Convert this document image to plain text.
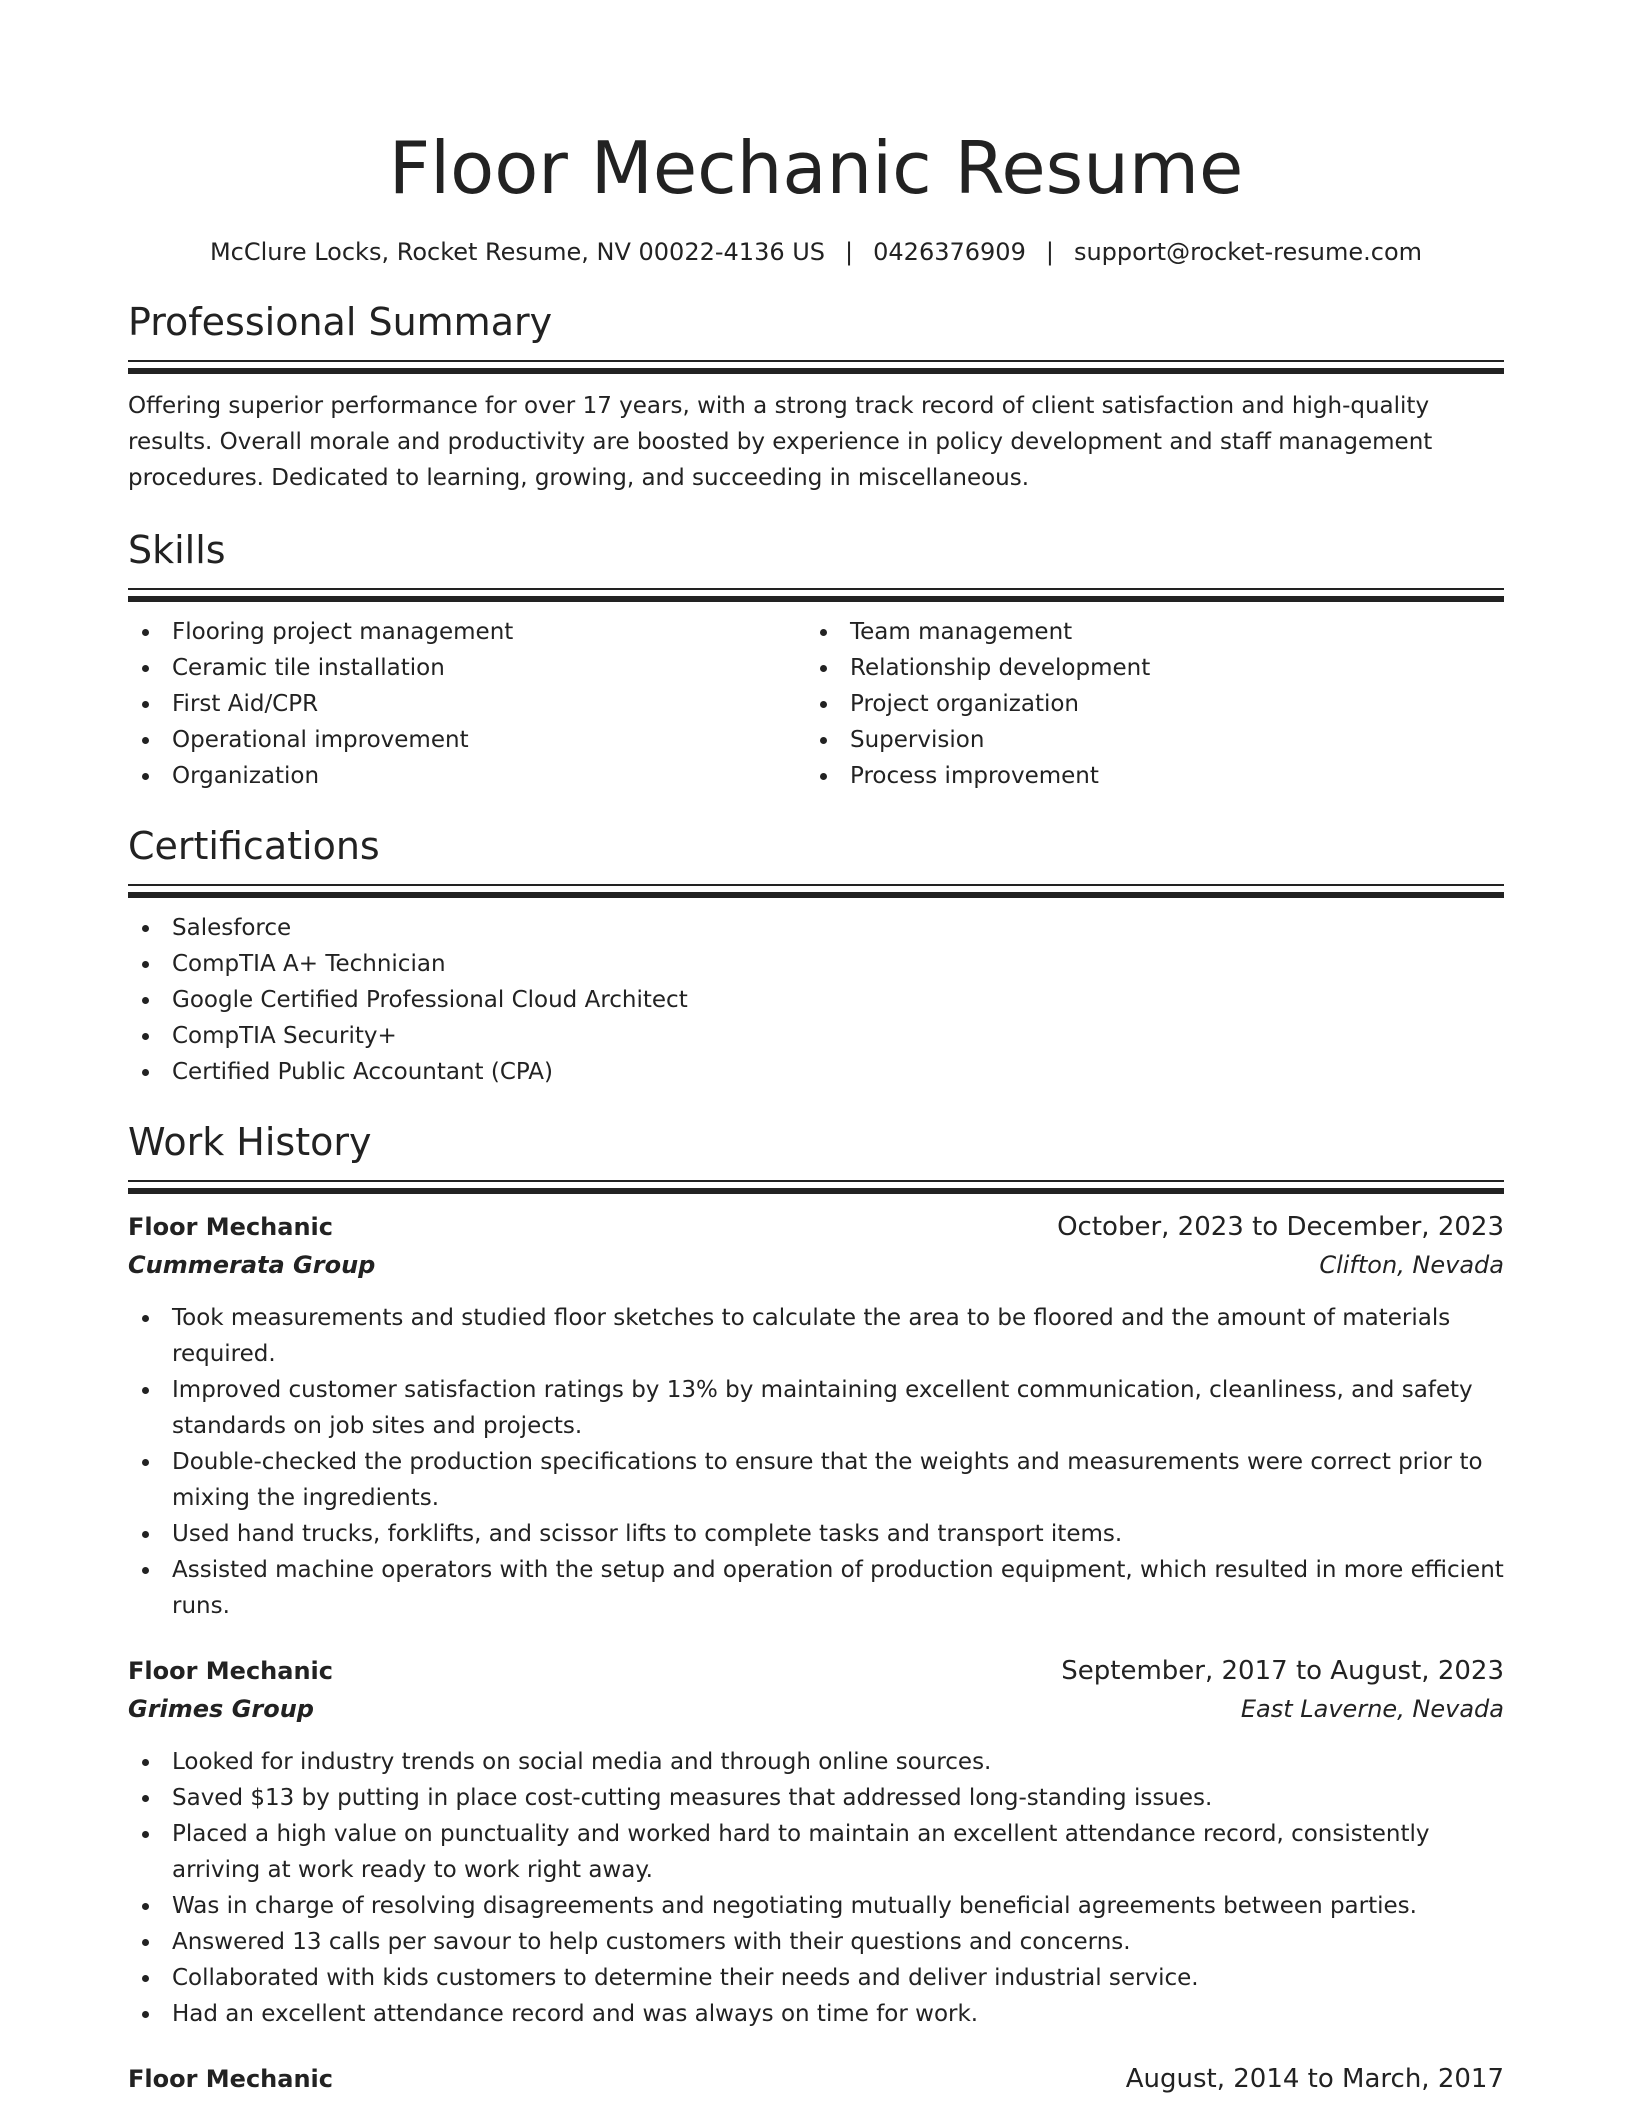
Floor Mechanic Resume
McClure Locks, Rocket Resume, NV 00022-4136 US | 0426376909 | support@rocket-resume.com
Professional Summary

Offering superior performance for over 17 years, with a strong track record of client satisfaction and high-quality results. Overall morale and productivity are boosted by experience in policy development and staff management procedures. Dedicated to learning, growing, and succeeding in miscellaneous.

Skills
Flooring project management
Ceramic tile installation
First Aid/CPR
Operational improvement
Organization
Team management
Relationship development
Project organization
Supervision
Process improvement
Certifications
Salesforce
CompTIA A+ Technician
Google Certified Professional Cloud Architect
CompTIA Security+
Certified Public Accountant (CPA)
Work History
Floor Mechanic	October, 2023 to December, 2023
Cummerata Group	Clifton, Nevada
Took measurements and studied floor sketches to calculate the area to be floored and the amount of materials required.
Improved customer satisfaction ratings by 13% by maintaining excellent communication, cleanliness, and safety standards on job sites and projects.
Double-checked the production specifications to ensure that the weights and measurements were correct prior to mixing the ingredients.
Used hand trucks, forklifts, and scissor lifts to complete tasks and transport items.
Assisted machine operators with the setup and operation of production equipment, which resulted in more efficient runs.
Floor Mechanic	September, 2017 to August, 2023
Grimes Group	East Laverne, Nevada
Looked for industry trends on social media and through online sources.
Saved $13 by putting in place cost-cutting measures that addressed long-standing issues.
Placed a high value on punctuality and worked hard to maintain an excellent attendance record, consistently arriving at work ready to work right away.
Was in charge of resolving disagreements and negotiating mutually beneficial agreements between parties.
Answered 13 calls per savour to help customers with their questions and concerns.
Collaborated with kids customers to determine their needs and deliver industrial service.
Had an excellent attendance record and was always on time for work.
Floor Mechanic	August, 2014 to March, 2017
